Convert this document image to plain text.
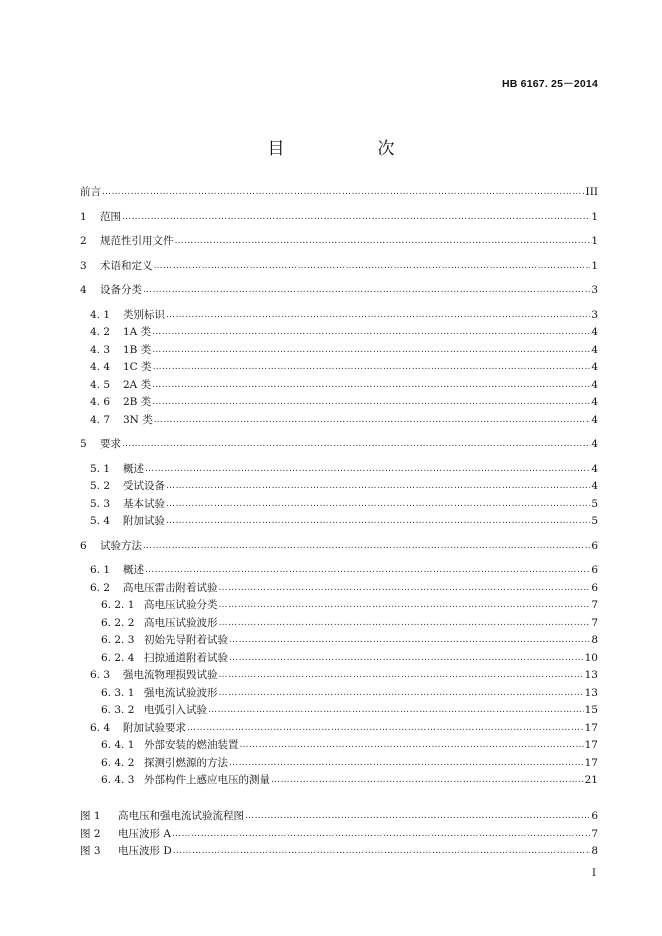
HB 6167. 25－2014
目　次
前言 ………………………………………………………………………………………………………………………………………………………………………………………………………………	III
1	范围 ………………………………………………………………………………………………………………………………………………………………………………………………………………	1
2	规范性引用文件 ………………………………………………………………………………………………………………………………………………………………………………………………………………	1
3	术语和定义 ………………………………………………………………………………………………………………………………………………………………………………………………………………	1
4	设备分类 ………………………………………………………………………………………………………………………………………………………………………………………………………………	3
4. 1	类别标识 ………………………………………………………………………………………………………………………………………………………………………………………………………………	3
4. 2	1A 类 ………………………………………………………………………………………………………………………………………………………………………………………………………………	4
4. 3	1B 类 ………………………………………………………………………………………………………………………………………………………………………………………………………………	4
4. 4	1C 类 ………………………………………………………………………………………………………………………………………………………………………………………………………………	4
4. 5	2A 类 ………………………………………………………………………………………………………………………………………………………………………………………………………………	4
4. 6	2B 类 ………………………………………………………………………………………………………………………………………………………………………………………………………………	4
4. 7	3N 类 ………………………………………………………………………………………………………………………………………………………………………………………………………………	4
5	要求 ………………………………………………………………………………………………………………………………………………………………………………………………………………	4
5. 1	概述 ………………………………………………………………………………………………………………………………………………………………………………………………………………	4
5. 2	受试设备 ………………………………………………………………………………………………………………………………………………………………………………………………………………	4
5. 3	基本试验 ………………………………………………………………………………………………………………………………………………………………………………………………………………	5
5. 4	附加试验 ………………………………………………………………………………………………………………………………………………………………………………………………………………	5
6	试验方法 ………………………………………………………………………………………………………………………………………………………………………………………………………………	6
6. 1	概述 ………………………………………………………………………………………………………………………………………………………………………………………………………………	6
6. 2	高电压雷击附着试验 ………………………………………………………………………………………………………………………………………………………………………………………………………………	6
6. 2. 1 高电压试验分类 ………………………………………………………………………………………………………………………………………………………………………………………………………………	7
6. 2. 2 高电压试验波形 ………………………………………………………………………………………………………………………………………………………………………………………………………………	7
6. 2. 3 初始先导附着试验 ………………………………………………………………………………………………………………………………………………………………………………………………………………	8
6. 2. 4 扫掠通道附着试验 ………………………………………………………………………………………………………………………………………………………………………………………………………………	10
6. 3	强电流物理损毁试验 ………………………………………………………………………………………………………………………………………………………………………………………………………………	13
6. 3. 1 强电流试验波形 ………………………………………………………………………………………………………………………………………………………………………………………………………………	13
6. 3. 2 电弧引入试验 ………………………………………………………………………………………………………………………………………………………………………………………………………………	15
6. 4	附加试验要求 ………………………………………………………………………………………………………………………………………………………………………………………………………………	17
6. 4. 1 外部安装的燃油装置 ………………………………………………………………………………………………………………………………………………………………………………………………………………	17
6. 4. 2 探测引燃源的方法 ………………………………………………………………………………………………………………………………………………………………………………………………………………	17
6. 4. 3 外部构件上感应电压的测量 ………………………………………………………………………………………………………………………………………………………………………………………………………………	21
图 1	高电压和强电流试验流程图 ………………………………………………………………………………………………………………………………………………………………………………………………………………	6
图 2	电压波形 A ………………………………………………………………………………………………………………………………………………………………………………………………………………	7
图 3	电压波形 D ………………………………………………………………………………………………………………………………………………………………………………………………………………	8
I
